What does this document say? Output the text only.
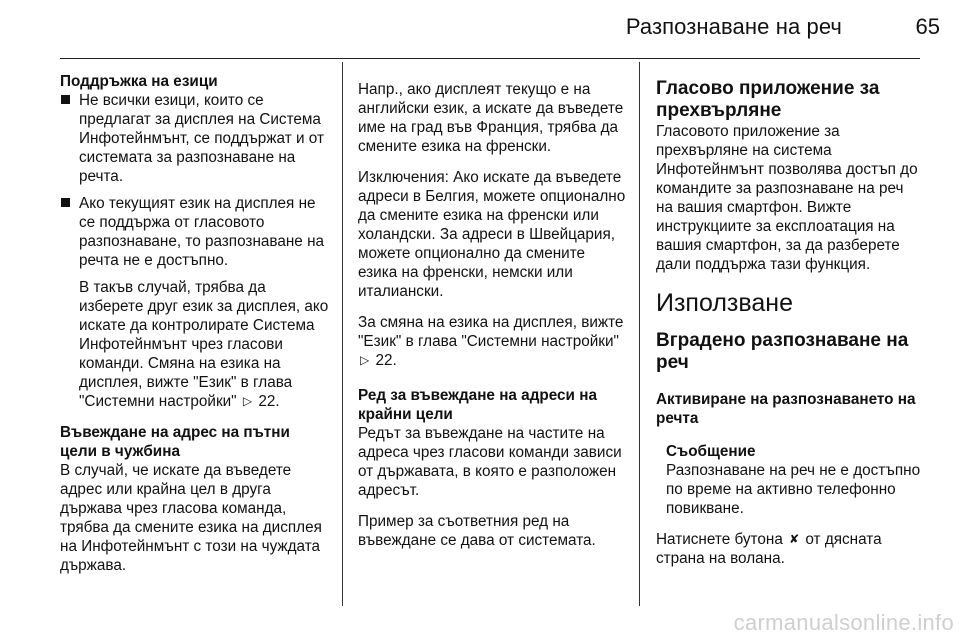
Разпознаване на реч	65
Поддръжка на езици
Не всички езици, които се предлагат за дисплея на Система Инфотейнмънт, се поддържат и от системата за разпознаване на речта.
Ако текущият език на дисплея не се поддържа от гласовото разпознаване, то разпознаване на речта не е достъпно.
В такъв случай, трябва да изберете друг език за дисплея, ако искате да контролирате Система Инфотейнмънт чрез гласови команди. Смяна на езика на дисплея, вижте "Език" в глава "Системни настройки" ▷ 22.
Въвеждане на адрес на пътни цели в чужбина

В случай, че искате да въведете адрес или крайна цел в друга държава чрез гласова команда, трябва да смените езика на дисплея на Инфотейнмънт с този на чуждата държава.

Напр., ако дисплеят текущо е на английски език, а искате да въведете име на град във Франция, трябва да смените езика на френски.

Изключения: Ако искате да въведете адреси в Белгия, можете опционално да смените езика на френски или холандски. За адреси в Швейцария, можете опционално да смените езика на френски, немски или италиански.

За смяна на езика на дисплея, вижте "Език" в глава "Системни настройки" ▷ 22.

Ред за въвеждане на адреси на крайни цели

Редът за въвеждане на частите на адреса чрез гласови команди зависи от държавата, в която е разположен адресът.

Пример за съответния ред на въвеждане се дава от системата.

Гласово приложение за прехвърляне

Гласовото приложение за прехвърляне на система Инфотейнмънт позволява достъп до командите за разпознаване на реч на вашия смартфон. Вижте инструкциите за експлоатация на вашия смартфон, за да разберете дали поддържа тази функция.

Използване
Вградено разпознаване на реч
Активиране на разпознаването на речта
Съобщение
Разпознаване на реч не е достъпно по време на активно телефонно повикване.

Натиснете бутона ✘ от дясната страна на волана.

carmanualsonline.info
